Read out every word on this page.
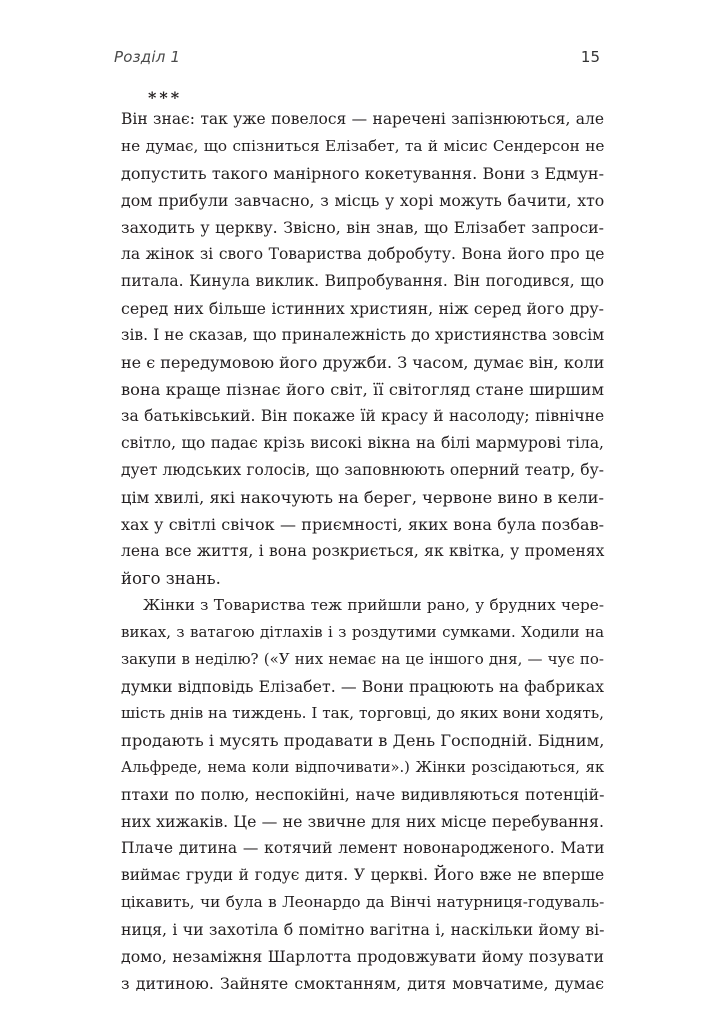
Розділ 1	15
***
Він знає: так уже повелося — наречені запізнюються, але
не думає, що спізниться Елізабет, та й місис Сендерсон не
допустить такого манірного кокетування. Вони з Едмун-
дом прибули завчасно, з місць у хорі можуть бачити, хто
заходить у церкву. Звісно, він знав, що Елізабет запроси-
ла жінок зі свого Товариства добробуту. Вона його про це
питала. Кинула виклик. Випробування. Він погодився, що
серед них більше істинних християн, ніж серед його дру-
зів. І не сказав, що приналежність до християнства зовсім
не є передумовою його дружби. З часом, думає він, коли
вона краще пізнає його світ, її світогляд стане ширшим
за батьківський. Він покаже їй красу й насолоду; північне
світло, що падає крізь високі вікна на білі мармурові тіла,
дует людських голосів, що заповнюють оперний театр, бу-
цім хвилі, які накочують на берег, червоне вино в кели-
хах у світлі свічок — приємності, яких вона була позбав-
лена все життя, і вона розкриється, як квітка, у променях
його знань.
Жінки з Товариства теж прийшли рано, у брудних чере-
виках, з ватагою дітлахів і з роздутими сумками. Ходили на
закупи в неділю? («У них немає на це іншого дня, — чує по-
думки відповідь Елізабет. — Вони працюють на фабриках
шість днів на тиждень. І так, торговці, до яких вони ходять,
продають і мусять продавати в День Господній. Бідним,
Альфреде, нема коли відпочивати».) Жінки розсідаються, як
птахи по полю, неспокійні, наче видивляються потенцій-
них хижаків. Це — не звичне для них місце перебування.
Плаче дитина — котячий лемент новонародженого. Мати
виймає груди й годує дитя. У церкві. Його вже не вперше
цікавить, чи була в Леонардо да Вінчі натурниця-годуваль-
ниця, і чи захотіла б помітно вагітна і, наскільки йому ві-
домо, незаміжня Шарлотта продовжувати йому позувати
з дитиною. Зайняте смоктанням, дитя мовчатиме, думає
